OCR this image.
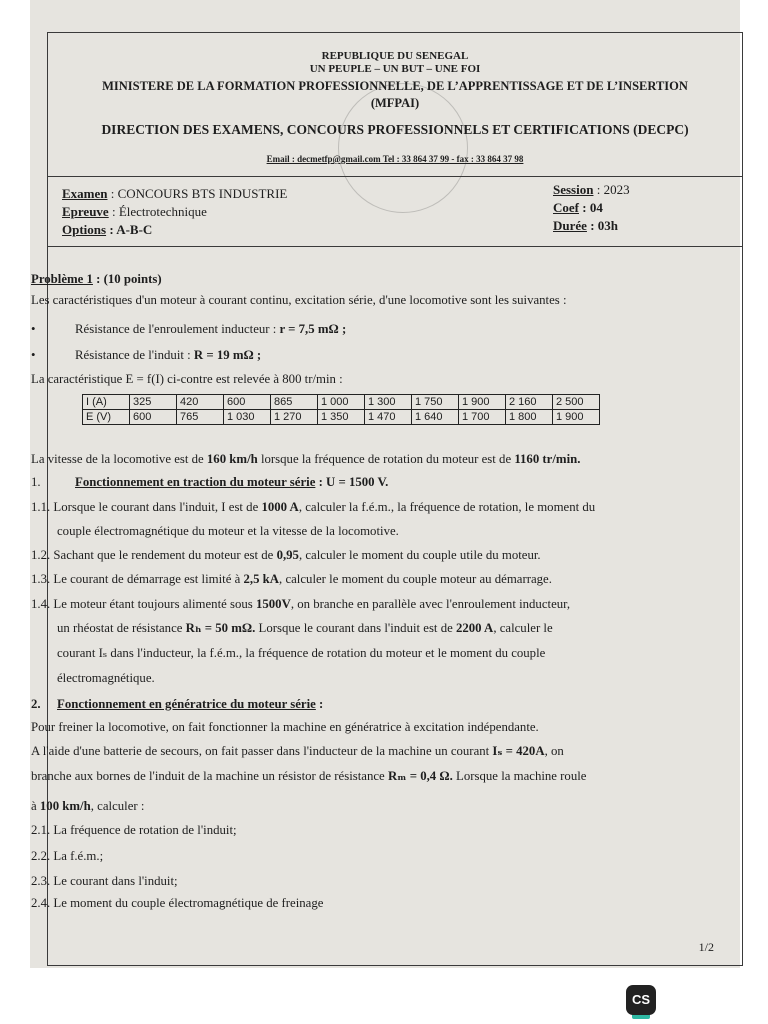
REPUBLIQUE DU SENEGAL
UN PEUPLE – UN BUT – UNE FOI
MINISTERE DE LA FORMATION PROFESSIONNELLE, DE L’APPRENTISSAGE ET DE L’INSERTION (MFPAI)
DIRECTION DES EXAMENS, CONCOURS PROFESSIONNELS ET CERTIFICATIONS (DECPC)
Email : decmetfp@gmail.com Tel : 33 864 37 99 - fax : 33 864 37 98
Examen : CONCOURS BTS INDUSTRIE
Epreuve : Électrotechnique
Options : A-B-C
Session : 2023
Coef : 04
Durée : 03h
1/2
Problème 1 : (10 points)
Les caractéristiques d'un moteur à courant continu, excitation série, d'une locomotive sont les suivantes :
•	Résistance de l'enroulement inducteur : r = 7,5 mΩ ;
•	Résistance de l'induit : R = 19 mΩ ;
La caractéristique E = f(I) ci-contre est relevée à 800 tr/min :
La vitesse de la locomotive est de 160 km/h lorsque la fréquence de rotation du moteur est de 1160 tr/min.
1.	Fonctionnement en traction du moteur série : U = 1500 V.
1.1. Lorsque le courant dans l'induit, I est de 1000 A, calculer la f.é.m., la fréquence de rotation, le moment du
couple électromagnétique du moteur et la vitesse de la locomotive.
1.2. Sachant que le rendement du moteur est de 0,95, calculer le moment du couple utile du moteur.
1.3. Le courant de démarrage est limité à 2,5 kA, calculer le moment du couple moteur au démarrage.
1.4. Le moteur étant toujours alimenté sous 1500V, on branche en parallèle avec l'enroulement inducteur,
un rhéostat de résistance Rₕ = 50 mΩ. Lorsque le courant dans l'induit est de 2200 A, calculer le
courant Iₛ dans l'inducteur, la f.é.m., la fréquence de rotation du moteur et le moment du couple
électromagnétique.
2. Fonctionnement en génératrice du moteur série :
Pour freiner la locomotive, on fait fonctionner la machine en génératrice à excitation indépendante.
A l'aide d'une batterie de secours, on fait passer dans l'inducteur de la machine un courant Iₛ = 420A, on
branche aux bornes de l'induit de la machine un résistor de résistance Rₘ = 0,4 Ω. Lorsque la machine roule
à 100 km/h, calculer :
2.1. La fréquence de rotation de l'induit;
2.2. La f.é.m.;
2.3. Le courant dans l'induit;
2.4. Le moment du couple électromagnétique de freinage
I (A)	325	420	600	865	1 000	1 300	1 750	1 900	2 160	2 500
E (V)	600	765	1 030	1 270	1 350	1 470	1 640	1 700	1 800	1 900
CS
